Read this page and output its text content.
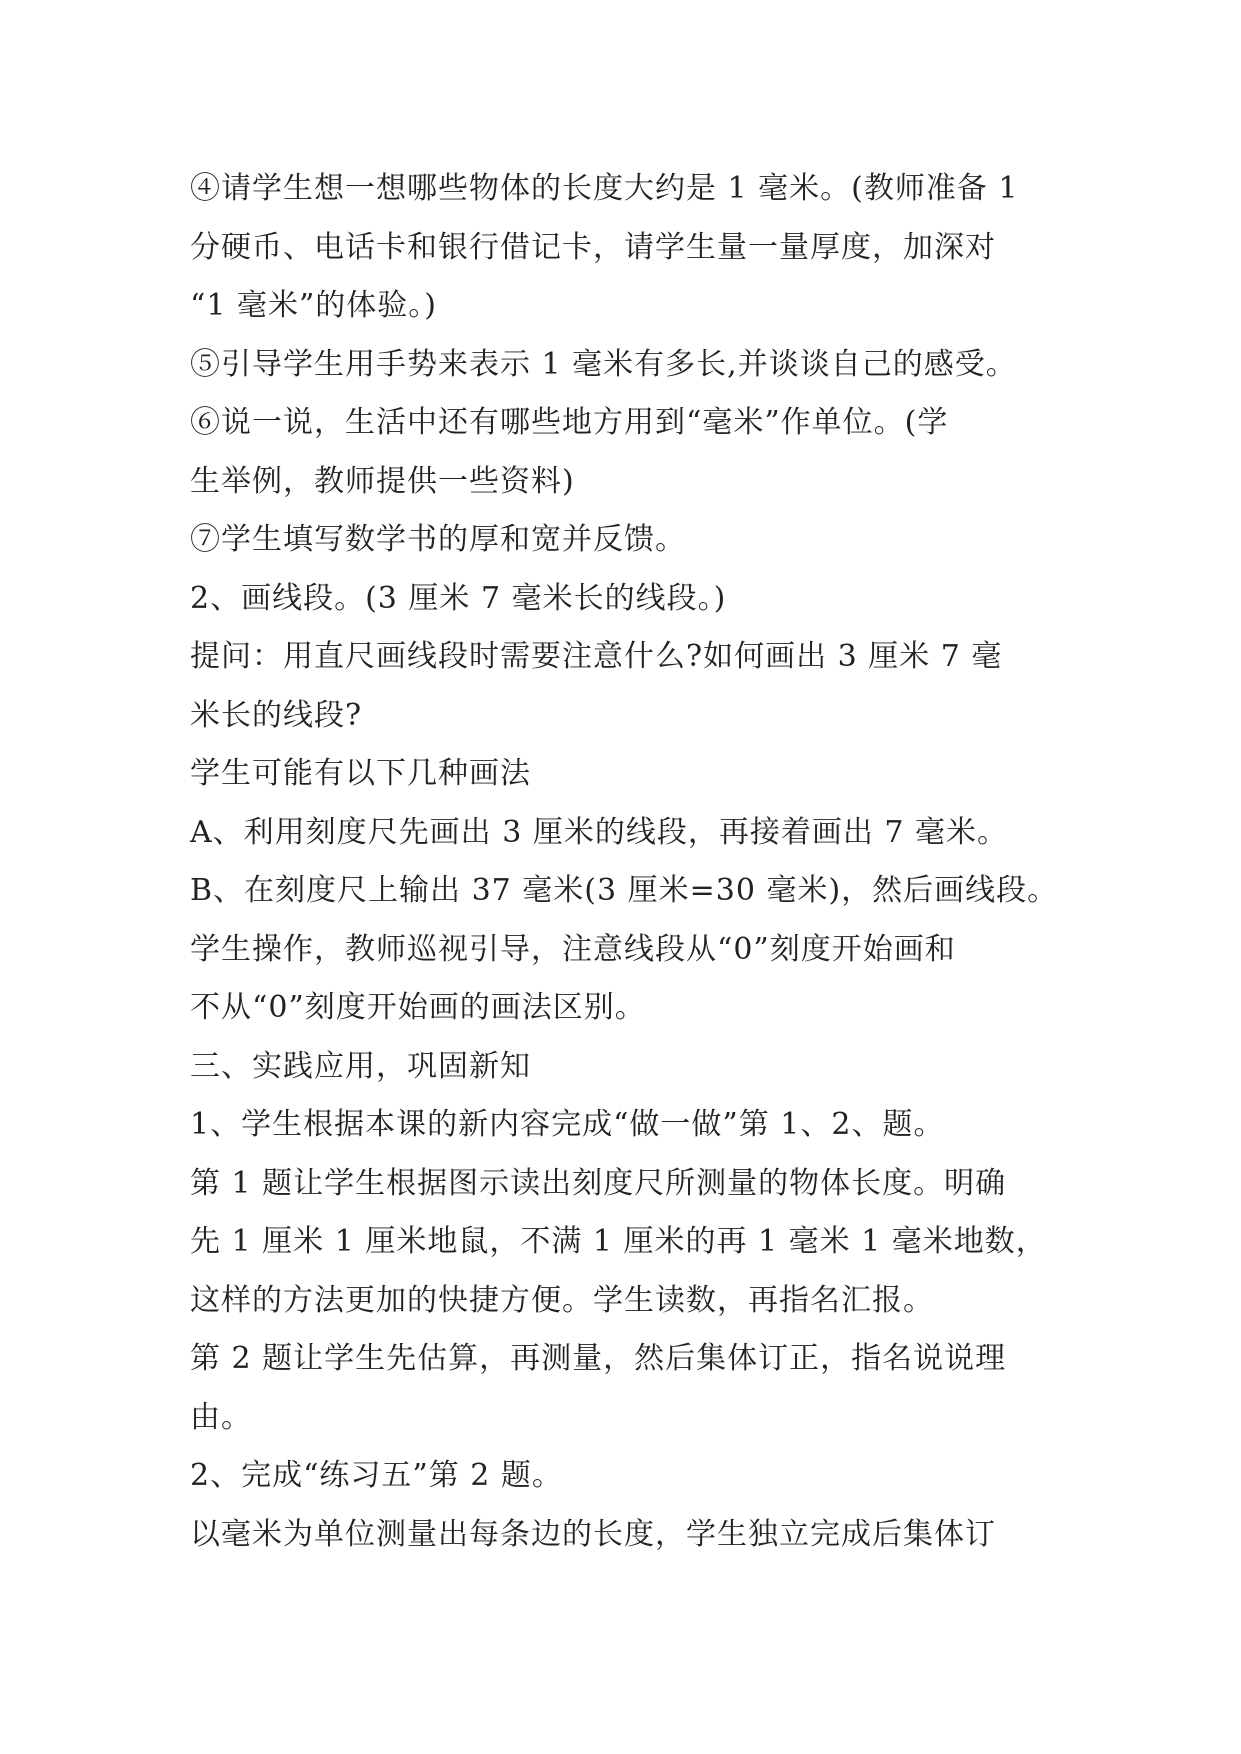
④请学生想一想哪些物体的长度大约是 1 毫米。(教师准备 1

分硬币、电话卡和银行借记卡，请学生量一量厚度，加深对

“1 毫米”的体验。)

⑤引导学生用手势来表示 1 毫米有多长,并谈谈自己的感受。

⑥说一说，生活中还有哪些地方用到“毫米”作单位。(学

生举例，教师提供一些资料)

⑦学生填写数学书的厚和宽并反馈。

2、画线段。(3 厘米 7 毫米长的线段。)

提问：用直尺画线段时需要注意什么?如何画出 3 厘米 7 毫

米长的线段?

学生可能有以下几种画法

A、利用刻度尺先画出 3 厘米的线段，再接着画出 7 毫米。

B、在刻度尺上输出 37 毫米(3 厘米=30 毫米)，然后画线段。

学生操作，教师巡视引导，注意线段从“0”刻度开始画和

不从“0”刻度开始画的画法区别。

三、实践应用，巩固新知

1、学生根据本课的新内容完成“做一做”第 1、2、题。

第 1 题让学生根据图示读出刻度尺所测量的物体长度。明确

先 1 厘米 1 厘米地鼠，不满 1 厘米的再 1 毫米 1 毫米地数，

这样的方法更加的快捷方便。学生读数，再指名汇报。

第 2 题让学生先估算，再测量，然后集体订正，指名说说理

由。

2、完成“练习五”第 2 题。

以毫米为单位测量出每条边的长度，学生独立完成后集体订
